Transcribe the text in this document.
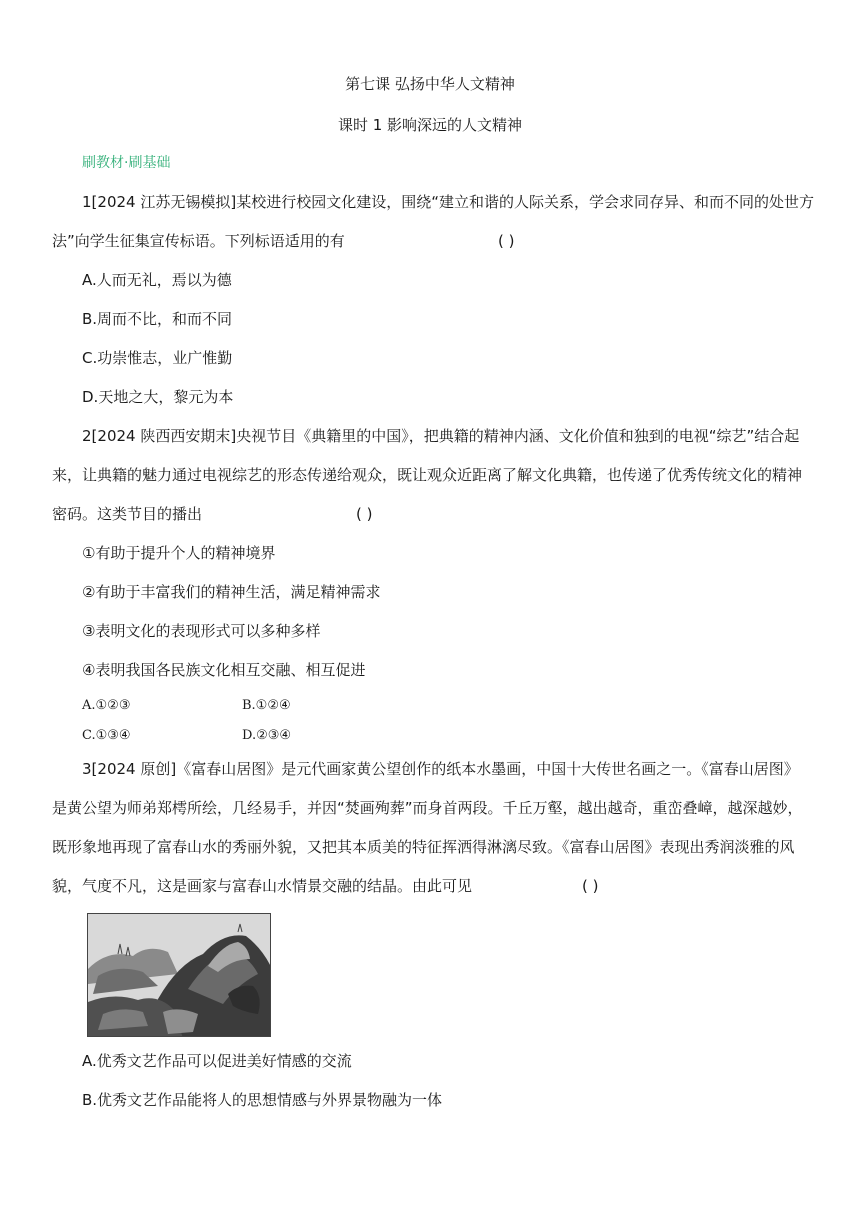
第七课 弘扬中华人文精神
课时 1 影响深远的人文精神
刷教材·刷基础
1[2024 江苏无锡模拟]某校进行校园文化建设，围绕“建立和谐的人际关系，学会求同存异、和而不同的处世方
法”向学生征集宣传标语。下列标语适用的有	( )
A.人而无礼，焉以为德
B.周而不比，和而不同
C.功崇惟志，业广惟勤
D.天地之大，黎元为本
2[2024 陕西西安期末]央视节目《典籍里的中国》，把典籍的精神内涵、文化价值和独到的电视“综艺”结合起
来，让典籍的魅力通过电视综艺的形态传递给观众，既让观众近距离了解文化典籍，也传递了优秀传统文化的精神
密码。这类节目的播出	( )
①有助于提升个人的精神境界
②有助于丰富我们的精神生活，满足精神需求
③表明文化的表现形式可以多种多样
④表明我国各民族文化相互交融、相互促进
A.①②③	B.①②④
C.①③④	D.②③④
3[2024 原创]《富春山居图》是元代画家黄公望创作的纸本水墨画，中国十大传世名画之一。《富春山居图》
是黄公望为师弟郑樗所绘，几经易手，并因“焚画殉葬”而身首两段。千丘万壑，越出越奇，重峦叠嶂，越深越妙，
既形象地再现了富春山水的秀丽外貌，又把其本质美的特征挥洒得淋漓尽致。《富春山居图》表现出秀润淡雅的风
貌，气度不凡，这是画家与富春山水情景交融的结晶。由此可见	( )
A.优秀文艺作品可以促进美好情感的交流
B.优秀文艺作品能将人的思想情感与外界景物融为一体
